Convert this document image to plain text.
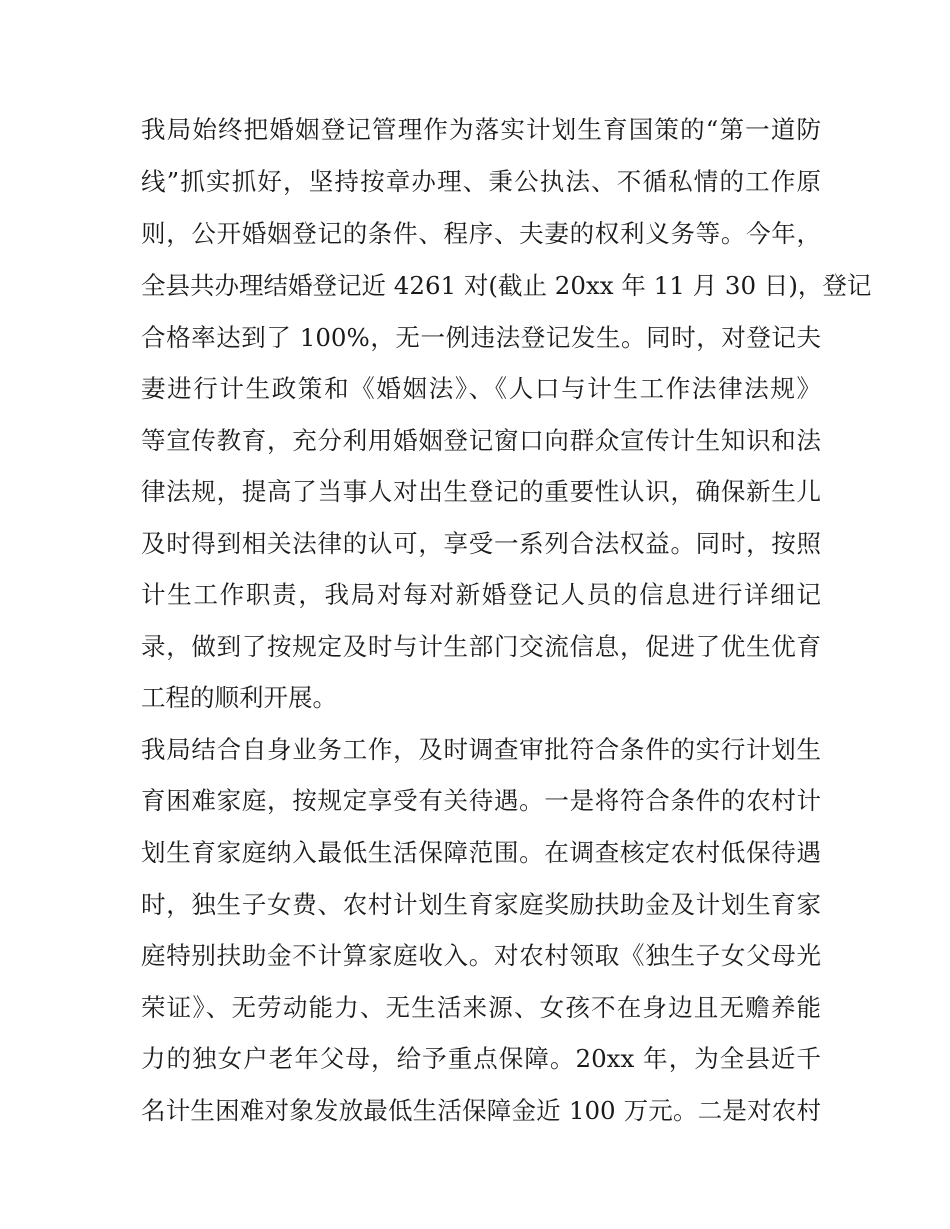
我局始终把婚姻登记管理作为落实计划生育国策的“第一道防
线”抓实抓好，坚持按章办理、秉公执法、不循私情的工作原
则，公开婚姻登记的条件、程序、夫妻的权利义务等。今年，
全县共办理结婚登记近 4261 对(截止 20xx 年 11 月 30 日)，登记
合格率达到了 100%，无一例违法登记发生。同时，对登记夫
妻进行计生政策和《婚姻法》、《人口与计生工作法律法规》
等宣传教育，充分利用婚姻登记窗口向群众宣传计生知识和法
律法规，提高了当事人对出生登记的重要性认识，确保新生儿
及时得到相关法律的认可，享受一系列合法权益。同时，按照
计生工作职责，我局对每对新婚登记人员的信息进行详细记
录，做到了按规定及时与计生部门交流信息，促进了优生优育
工程的顺利开展。
我局结合自身业务工作，及时调查审批符合条件的实行计划生
育困难家庭，按规定享受有关待遇。一是将符合条件的农村计
划生育家庭纳入最低生活保障范围。在调查核定农村低保待遇
时，独生子女费、农村计划生育家庭奖励扶助金及计划生育家
庭特别扶助金不计算家庭收入。对农村领取《独生子女父母光
荣证》、无劳动能力、无生活来源、女孩不在身边且无赡养能
力的独女户老年父母，给予重点保障。20xx 年，为全县近千
名计生困难对象发放最低生活保障金近 100 万元。二是对农村
